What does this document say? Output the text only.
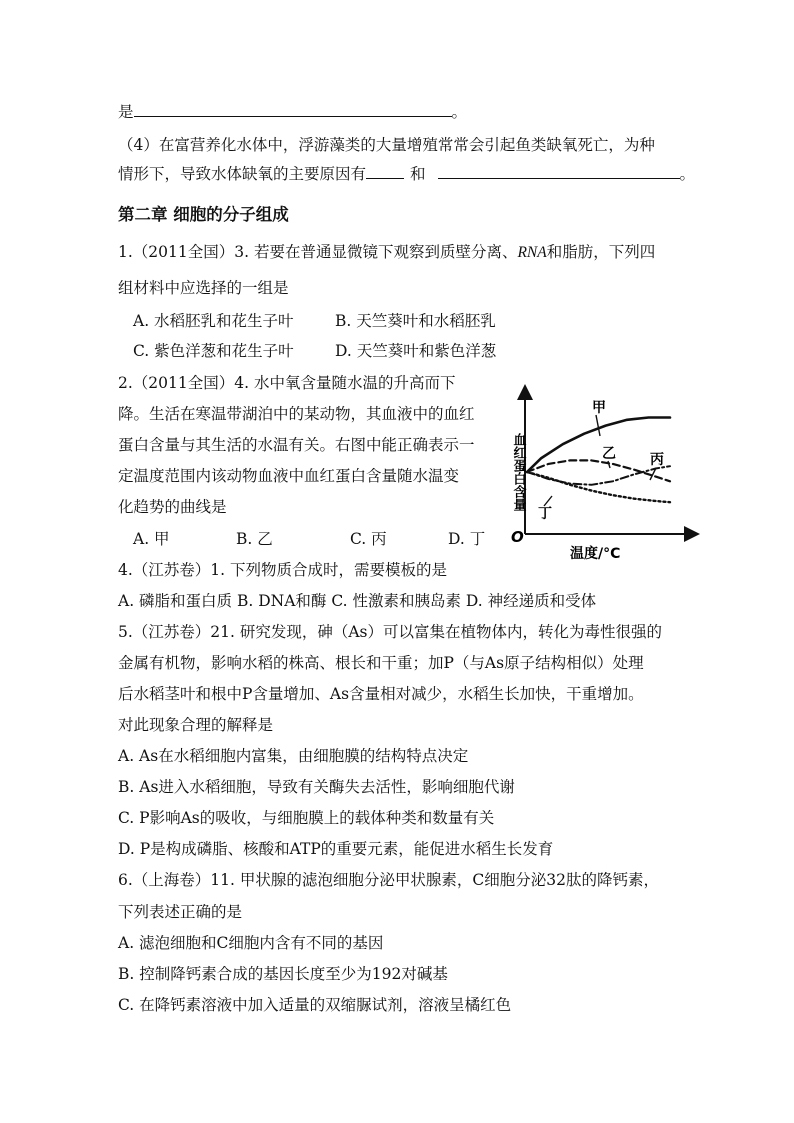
是	。
（4）在富营养化水体中，浮游藻类的大量增殖常常会引起鱼类缺氧死亡，为种
情形下，导致水体缺氧的主要原因有	和	。
第二章 细胞的分子组成
1.（2011全国）3. 若要在普通显微镜下观察到质壁分离、RNA和脂肪，下列四
组材料中应选择的一组是
A. 水稻胚乳和花生子叶	B. 天竺葵叶和水稻胚乳
C. 紫色洋葱和花生子叶	D. 天竺葵叶和紫色洋葱
2.（2011全国）4. 水中氧含量随水温的升高而下
降。生活在寒温带湖泊中的某动物，其血液中的血红
蛋白含量与其生活的水温有关。右图中能正确表示一
定温度范围内该动物血液中血红蛋白含量随水温变
化趋势的曲线是
A. 甲	B. 乙	C. 丙	D. 丁 O
血红蛋白含量
温度/°C
甲
乙 丙
丁
4.（江苏卷）1. 下列物质合成时，需要模板的是
A. 磷脂和蛋白质 B. DNA和酶 C. 性激素和胰岛素 D. 神经递质和受体
5.（江苏卷）21. 研究发现，砷（As）可以富集在植物体内，转化为毒性很强的
金属有机物，影响水稻的株高、根长和干重；加P（与As原子结构相似）处理
后水稻茎叶和根中P含量增加、As含量相对减少，水稻生长加快，干重增加。
对此现象合理的解释是
A. As在水稻细胞内富集，由细胞膜的结构特点决定
B. As进入水稻细胞，导致有关酶失去活性，影响细胞代谢
C. P影响As的吸收，与细胞膜上的载体种类和数量有关
D. P是构成磷脂、核酸和ATP的重要元素，能促进水稻生长发育
6.（上海卷）11. 甲状腺的滤泡细胞分泌甲状腺素，C细胞分泌32肽的降钙素，
下列表述正确的是
A. 滤泡细胞和C细胞内含有不同的基因
B. 控制降钙素合成的基因长度至少为192对碱基
C. 在降钙素溶液中加入适量的双缩脲试剂，溶液呈橘红色
